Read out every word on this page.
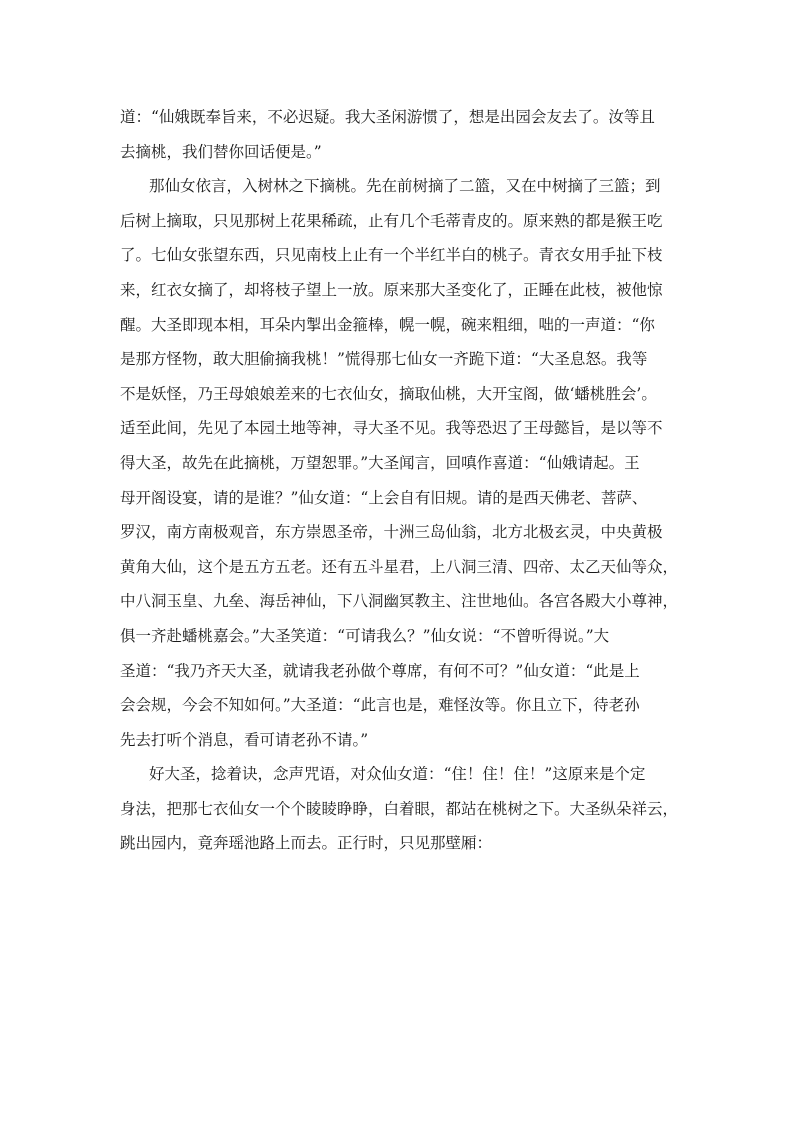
道：“仙娥既奉旨来，不必迟疑。我大圣闲游惯了，想是出园会友去了。汝等且
去摘桃，我们替你回话便是。”
那仙女依言，入树林之下摘桃。先在前树摘了二篮，又在中树摘了三篮；到
后树上摘取，只见那树上花果稀疏，止有几个毛蒂青皮的。原来熟的都是猴王吃
了。七仙女张望东西，只见南枝上止有一个半红半白的桃子。青衣女用手扯下枝
来，红衣女摘了，却将枝子望上一放。原来那大圣变化了，正睡在此枝，被他惊
醒。大圣即现本相，耳朵内掣出金箍棒，幌一幌，碗来粗细，咄的一声道：“你
是那方怪物，敢大胆偷摘我桃！”慌得那七仙女一齐跪下道：“大圣息怒。我等
不是妖怪，乃王母娘娘差来的七衣仙女，摘取仙桃，大开宝阁，做‘蟠桃胜会’。
适至此间，先见了本园土地等神，寻大圣不见。我等恐迟了王母懿旨，是以等不
得大圣，故先在此摘桃，万望恕罪。”大圣闻言，回嗔作喜道：“仙娥请起。王
母开阁设宴，请的是谁？”仙女道：“上会自有旧规。请的是西天佛老、菩萨、
罗汉，南方南极观音，东方崇恩圣帝，十洲三岛仙翁，北方北极玄灵，中央黄极
黄角大仙，这个是五方五老。还有五斗星君，上八洞三清、四帝、太乙天仙等众，
中八洞玉皇、九垒、海岳神仙，下八洞幽冥教主、注世地仙。各宫各殿大小尊神，
俱一齐赴蟠桃嘉会。”大圣笑道：“可请我么？”仙女说：“不曾听得说。”大
圣道：“我乃齐天大圣，就请我老孙做个尊席，有何不可？”仙女道：“此是上
会会规，今会不知如何。”大圣道：“此言也是，难怪汝等。你且立下，待老孙
先去打听个消息，看可请老孙不请。”
好大圣，捻着诀，念声咒语，对众仙女道：“住！住！住！”这原来是个定
身法，把那七衣仙女一个个睖睖睁睁，白着眼，都站在桃树之下。大圣纵朵祥云，
跳出园内，竟奔瑶池路上而去。正行时，只见那壁厢：
